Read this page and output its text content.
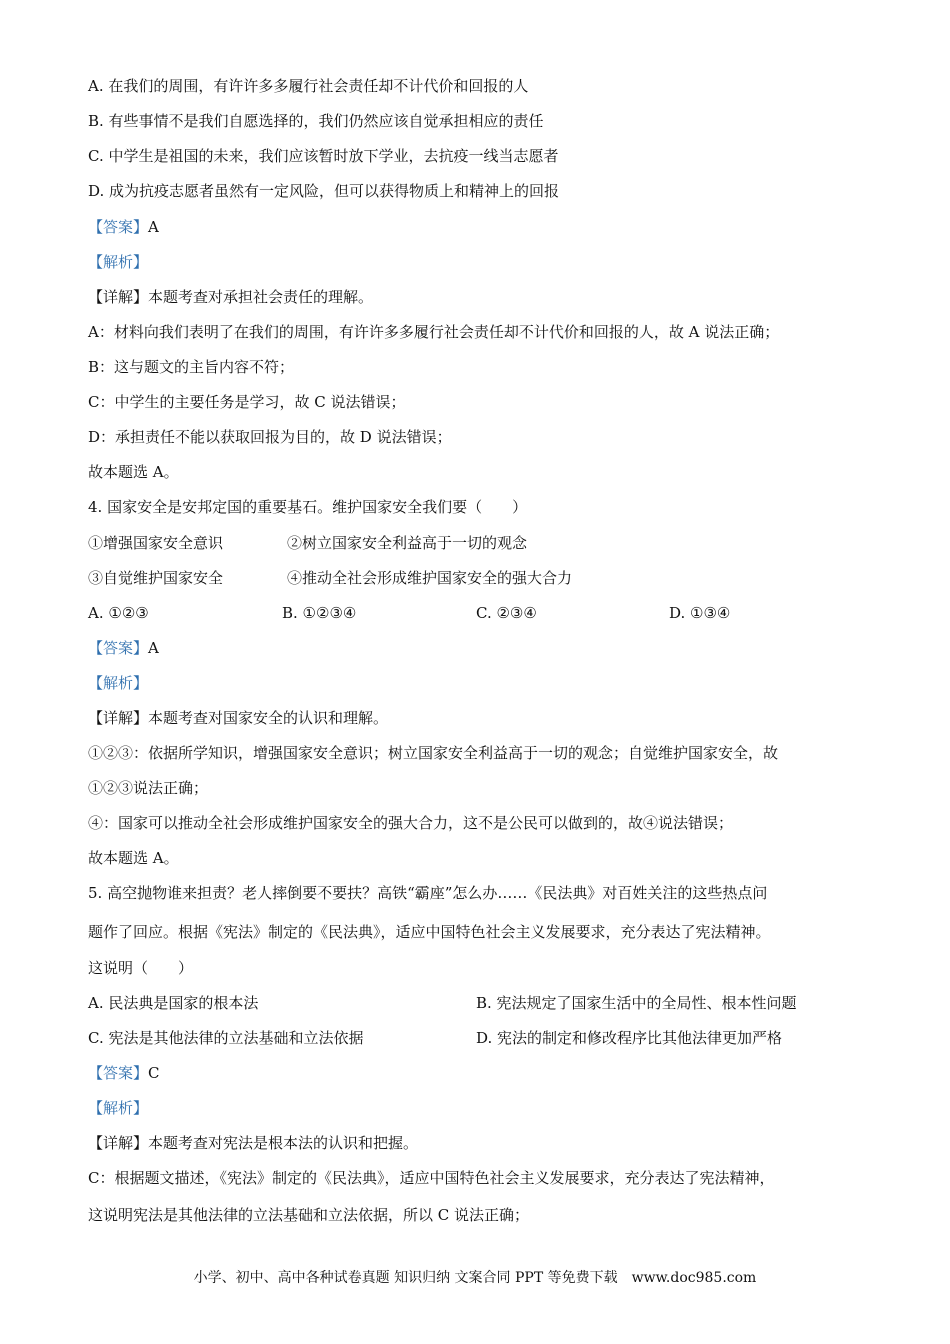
A. 在我们的周围，有许许多多履行社会责任却不计代价和回报的人
B. 有些事情不是我们自愿选择的，我们仍然应该自觉承担相应的责任
C. 中学生是祖国的未来，我们应该暂时放下学业，去抗疫一线当志愿者
D. 成为抗疫志愿者虽然有一定风险，但可以获得物质上和精神上的回报
【答案】A
【解析】
【详解】本题考查对承担社会责任的理解。
A：材料向我们表明了在我们的周围，有许许多多履行社会责任却不计代价和回报的人，故 A 说法正确；
B：这与题文的主旨内容不符；
C：中学生的主要任务是学习，故 C 说法错误；
D：承担责任不能以获取回报为目的，故 D 说法错误；
故本题选 A。
4. 国家安全是安邦定国的重要基石。维护国家安全我们要（　　）
①增强国家安全意识	②树立国家安全利益高于一切的观念
③自觉维护国家安全	④推动全社会形成维护国家安全的强大合力
A. ①②③	B. ①②③④	C. ②③④	D. ①③④
【答案】A
【解析】
【详解】本题考查对国家安全的认识和理解。
①②③：依据所学知识，增强国家安全意识；树立国家安全利益高于一切的观念；自觉维护国家安全，故
①②③说法正确；
④：国家可以推动全社会形成维护国家安全的强大合力，这不是公民可以做到的，故④说法错误；
故本题选 A。
5. 高空抛物谁来担责？老人摔倒要不要扶？高铁“霸座”怎么办……《民法典》对百姓关注的这些热点问
题作了回应。根据《宪法》制定的《民法典》，适应中国特色社会主义发展要求，充分表达了宪法精神。
这说明（　　）
A. 民法典是国家的根本法	B. 宪法规定了国家生活中的全局性、根本性问题
C. 宪法是其他法律的立法基础和立法依据	D. 宪法的制定和修改程序比其他法律更加严格
【答案】C
【解析】
【详解】本题考查对宪法是根本法的认识和把握。
C：根据题文描述，《宪法》制定的《民法典》，适应中国特色社会主义发展要求，充分表达了宪法精神，
这说明宪法是其他法律的立法基础和立法依据，所以 C 说法正确；
小学、初中、高中各种试卷真题 知识归纳 文案合同 PPT 等免费下载　www.doc985.com
